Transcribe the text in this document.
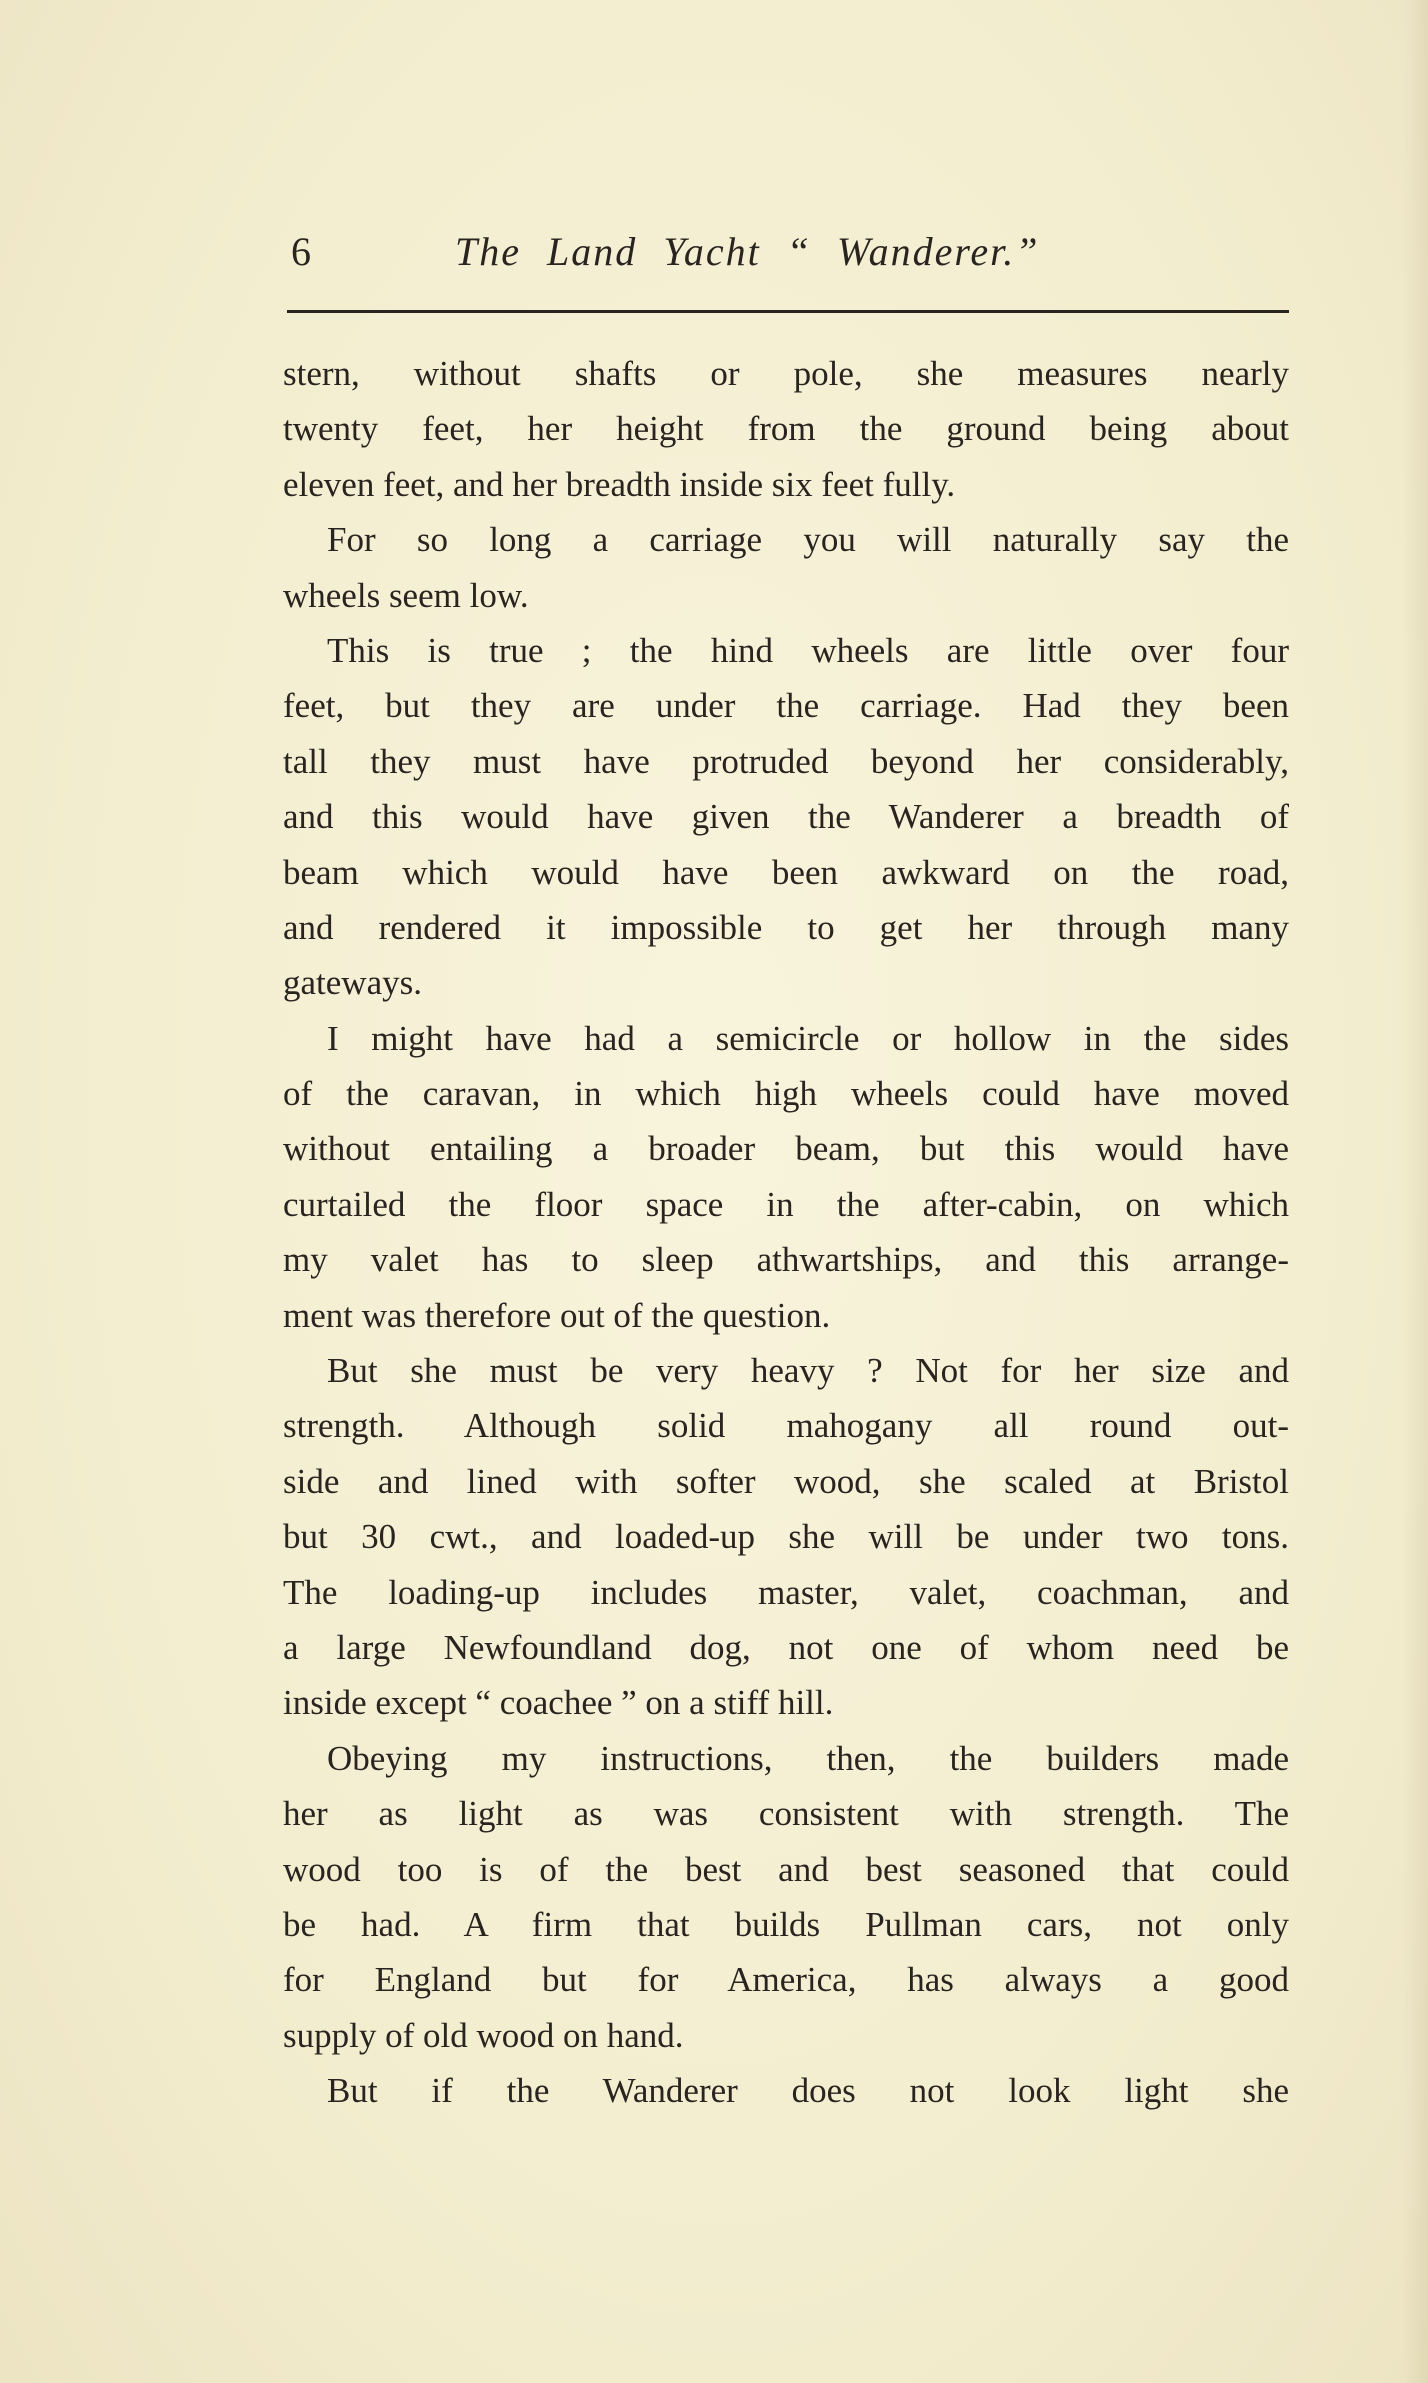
6	The Land Yacht “ Wanderer.”
stern, without shafts or pole, she measures nearly
twenty feet, her height from the ground being about
eleven feet, and her breadth inside six feet fully.
For so long a carriage you will naturally say the
wheels seem low.
This is true ; the hind wheels are little over four
feet, but they are under the carriage. Had they been
tall they must have protruded beyond her considerably,
and this would have given the Wanderer a breadth of
beam which would have been awkward on the road,
and rendered it impossible to get her through many
gateways.
I might have had a semicircle or hollow in the sides
of the caravan, in which high wheels could have moved
without entailing a broader beam, but this would have
curtailed the floor space in the after-cabin, on which
my valet has to sleep athwartships, and this arrange-
ment was therefore out of the question.
But she must be very heavy ? Not for her size and
strength. Although solid mahogany all round out-
side and lined with softer wood, she scaled at Bristol
but 30 cwt., and loaded-up she will be under two tons.
The loading-up includes master, valet, coachman, and
a large Newfoundland dog, not one of whom need be
inside except “ coachee ” on a stiff hill.
Obeying my instructions, then, the builders made
her as light as was consistent with strength. The
wood too is of the best and best seasoned that could
be had. A firm that builds Pullman cars, not only
for England but for America, has always a good
supply of old wood on hand.
But if the Wanderer does not look light she
